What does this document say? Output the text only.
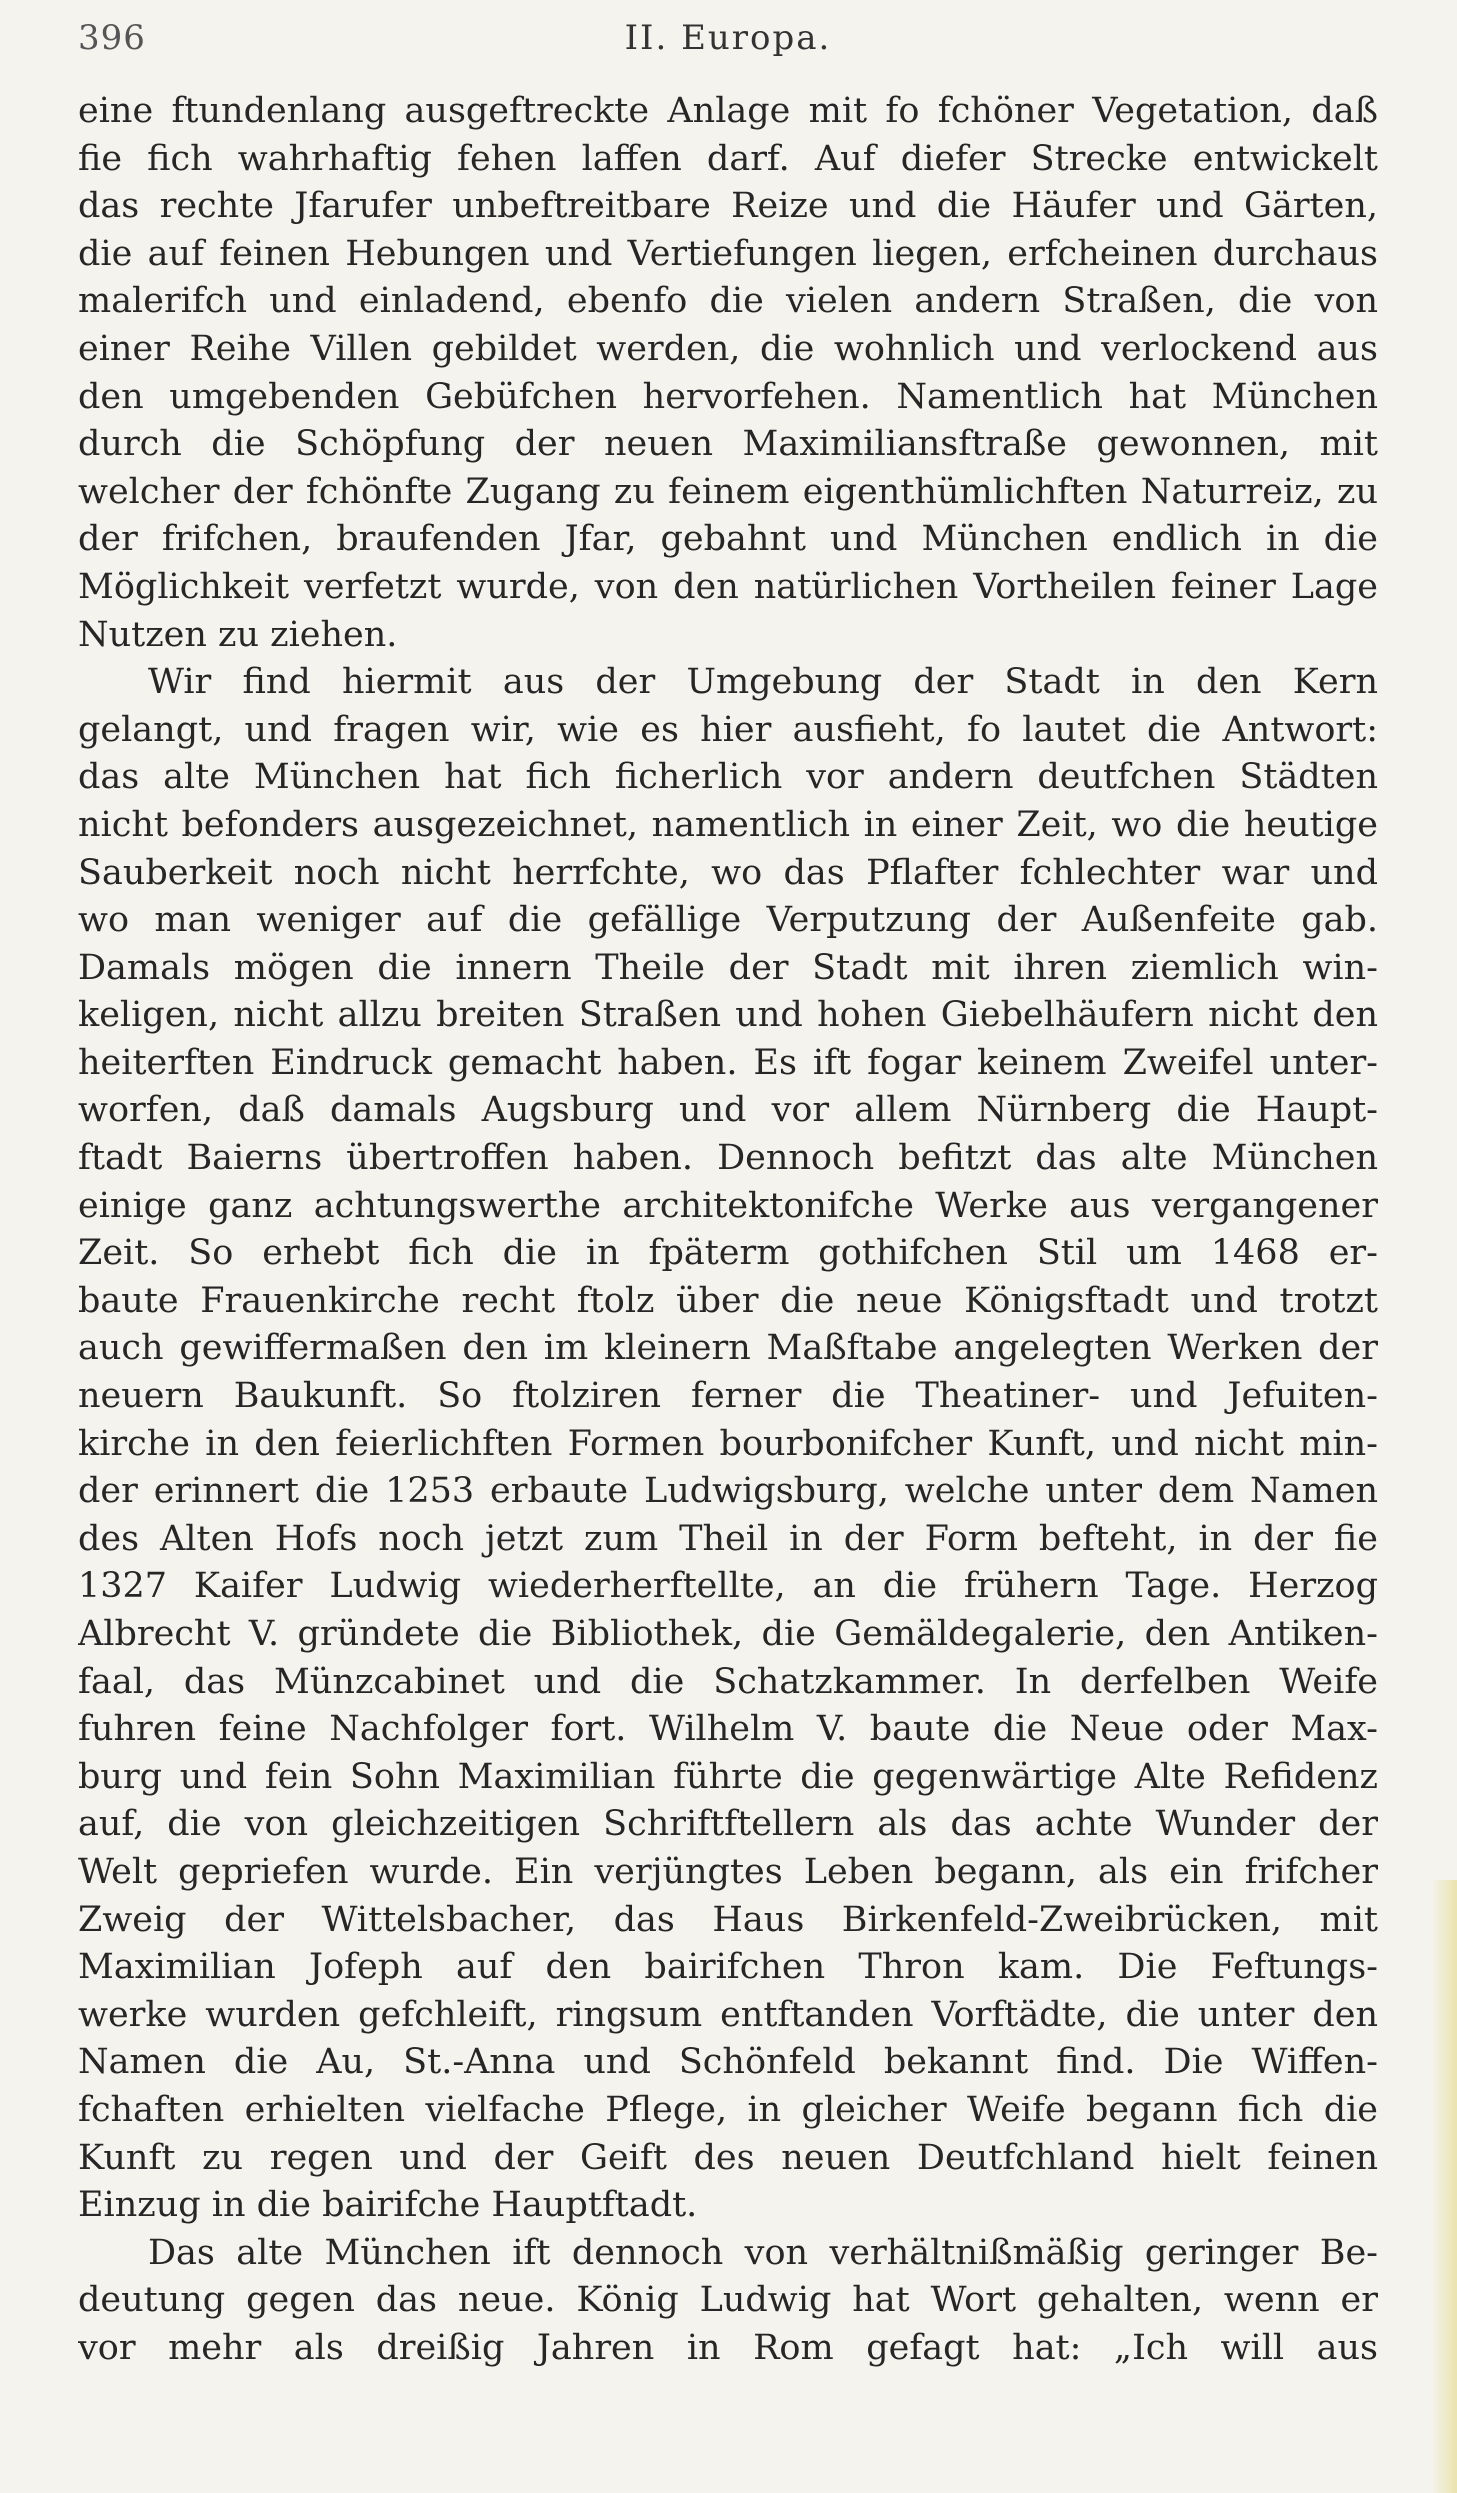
396	II. Europa.
eine ftundenlang ausgeftreckte Anlage mit fo fchöner Vegetation, daß
fie fich wahrhaftig fehen laffen darf. Auf diefer Strecke entwickelt
das rechte Jfarufer unbeftreitbare Reize und die Häufer und Gärten,
die auf feinen Hebungen und Vertiefungen liegen, erfcheinen durchaus
malerifch und einladend, ebenfo die vielen andern Straßen, die von
einer Reihe Villen gebildet werden, die wohnlich und verlockend aus
den umgebenden Gebüfchen hervorfehen. Namentlich hat München
durch die Schöpfung der neuen Maximiliansftraße gewonnen, mit
welcher der fchönfte Zugang zu feinem eigenthümlichften Naturreiz, zu
der frifchen, braufenden Jfar, gebahnt und München endlich in die
Möglichkeit verfetzt wurde, von den natürlichen Vortheilen feiner Lage
Nutzen zu ziehen.
Wir find hiermit aus der Umgebung der Stadt in den Kern
gelangt, und fragen wir, wie es hier ausfieht, fo lautet die Antwort:
das alte München hat fich ficherlich vor andern deutfchen Städten
nicht befonders ausgezeichnet, namentlich in einer Zeit, wo die heutige
Sauberkeit noch nicht herrfchte, wo das Pflafter fchlechter war und
wo man weniger auf die gefällige Verputzung der Außenfeite gab.
Damals mögen die innern Theile der Stadt mit ihren ziemlich win-
keligen, nicht allzu breiten Straßen und hohen Giebelhäufern nicht den
heiterften Eindruck gemacht haben. Es ift fogar keinem Zweifel unter-
worfen, daß damals Augsburg und vor allem Nürnberg die Haupt-
ftadt Baierns übertroffen haben. Dennoch befitzt das alte München
einige ganz achtungswerthe architektonifche Werke aus vergangener
Zeit. So erhebt fich die in fpäterm gothifchen Stil um 1468 er-
baute Frauenkirche recht ftolz über die neue Königsftadt und trotzt
auch gewiffermaßen den im kleinern Maßftabe angelegten Werken der
neuern Baukunft. So ftolziren ferner die Theatiner- und Jefuiten-
kirche in den feierlichften Formen bourbonifcher Kunft, und nicht min-
der erinnert die 1253 erbaute Ludwigsburg, welche unter dem Namen
des Alten Hofs noch jetzt zum Theil in der Form befteht, in der fie
1327 Kaifer Ludwig wiederherftellte, an die frühern Tage. Herzog
Albrecht V. gründete die Bibliothek, die Gemäldegalerie, den Antiken-
faal, das Münzcabinet und die Schatzkammer. In derfelben Weife
fuhren feine Nachfolger fort. Wilhelm V. baute die Neue oder Max-
burg und fein Sohn Maximilian führte die gegenwärtige Alte Refidenz
auf, die von gleichzeitigen Schriftftellern als das achte Wunder der
Welt gepriefen wurde. Ein verjüngtes Leben begann, als ein frifcher
Zweig der Wittelsbacher, das Haus Birkenfeld-Zweibrücken, mit
Maximilian Jofeph auf den bairifchen Thron kam. Die Feftungs-
werke wurden gefchleift, ringsum entftanden Vorftädte, die unter den
Namen die Au, St.-Anna und Schönfeld bekannt find. Die Wiffen-
fchaften erhielten vielfache Pflege, in gleicher Weife begann fich die
Kunft zu regen und der Geift des neuen Deutfchland hielt feinen
Einzug in die bairifche Hauptftadt.
Das alte München ift dennoch von verhältnißmäßig geringer Be-
deutung gegen das neue. König Ludwig hat Wort gehalten, wenn er
vor mehr als dreißig Jahren in Rom gefagt hat: „Ich will aus
